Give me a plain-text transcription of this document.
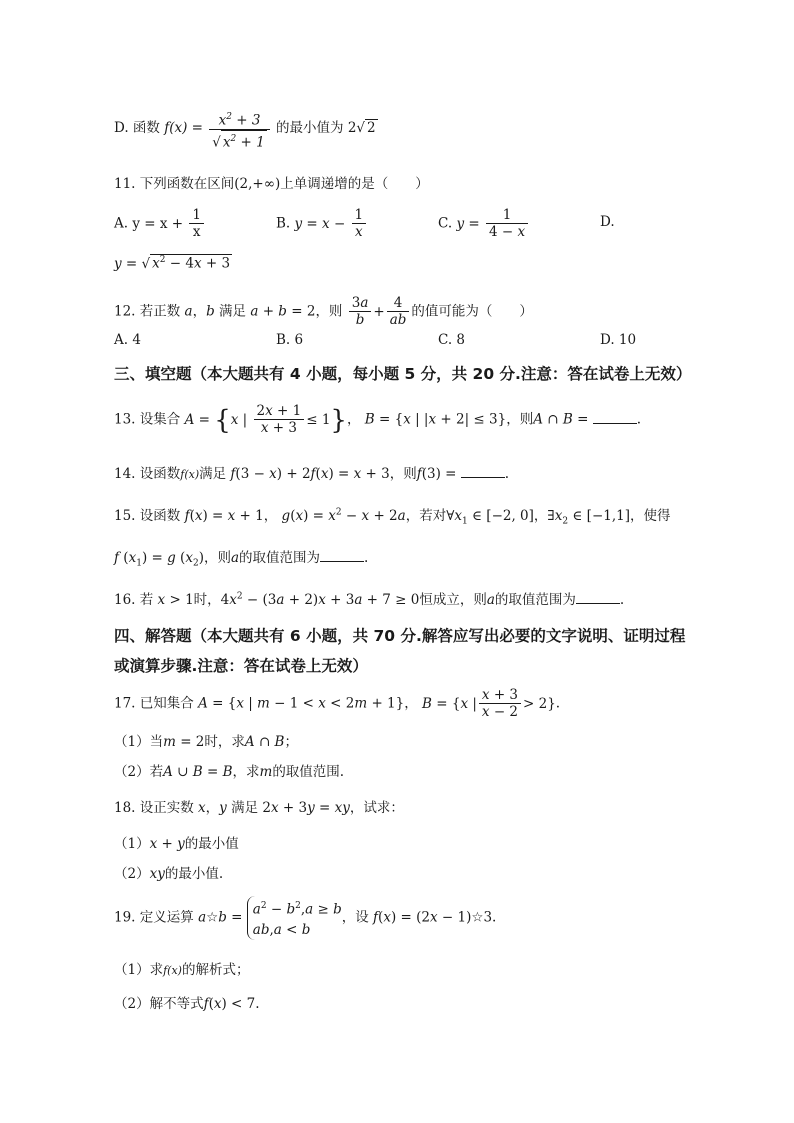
D. 函数 $f(x) = \frac{x^2 + 3}{√ x^2 + 1}$ 的最小值为 2√ 2
11. 下列函数在区间(2,+∞)上单调递增的是（　　）
A. $y = x + \frac{1}{x}$	B. $y = x - \frac{1}{x}$	C. $y = \frac{1}{4 - x}$	D.
y = √ $x^2 - 4x + 3$
12. 若正数 a，b 满足 a + b = 2，则 $\frac{3a}{b} + \frac{4}{ab}$ 的值可能为（　　）
A. 4	B. 6	C. 8	D. 10
三、填空题（本大题共有 4 小题，每小题 5 分，共 20 分.注意：答在试卷上无效）
13. 设集合 A = {x | $\frac{2x + 1}{x + 3} \le 1$}， B = {x | |x + 2| ≤ 3}，则A ∩ B =	.
14. 设函数f(x)满足 f(3 − x) + 2f(x) = x + 3，则f(3) =	.
15. 设函数 f(x) = x + 1， $g(x) = x^2 - x + 2a$，若对$\forall x_1$ ∈ [−2, 0]，$\exists x_2$ ∈ [−1,1]，使得
f $(x_1) = g$ $(x_2)$，则a的取值范围为	.
16. 若 x > 1时，$4x^2 - (3a + 2)x + 3a + 7 \ge 0$恒成立，则a的取值范围为	.
四、解答题（本大题共有 6 小题，共 70 分.解答应写出必要的文字说明、证明过程
或演算步骤.注意：答在试卷上无效）
17. 已知集合 A = {x | m − 1 < x < 2m + 1}， B = {x | $\frac{x + 3}{x - 2} > 2$}.
（1）当m = 2时，求A ∩ B；
（2）若A ∪ B = B，求m的取值范围.
18. 设正实数 x，y 满足 2x + 3y = xy，试求：
（1）x + y的最小值
（2）xy的最小值.
19. 定义运算 a☆b = $a^2 - b^2,a \ge b$
ab,a < b
，设 f(x) = (2x − 1)☆3.
（1）求f(x)的解析式；
（2）解不等式f(x) < 7.
